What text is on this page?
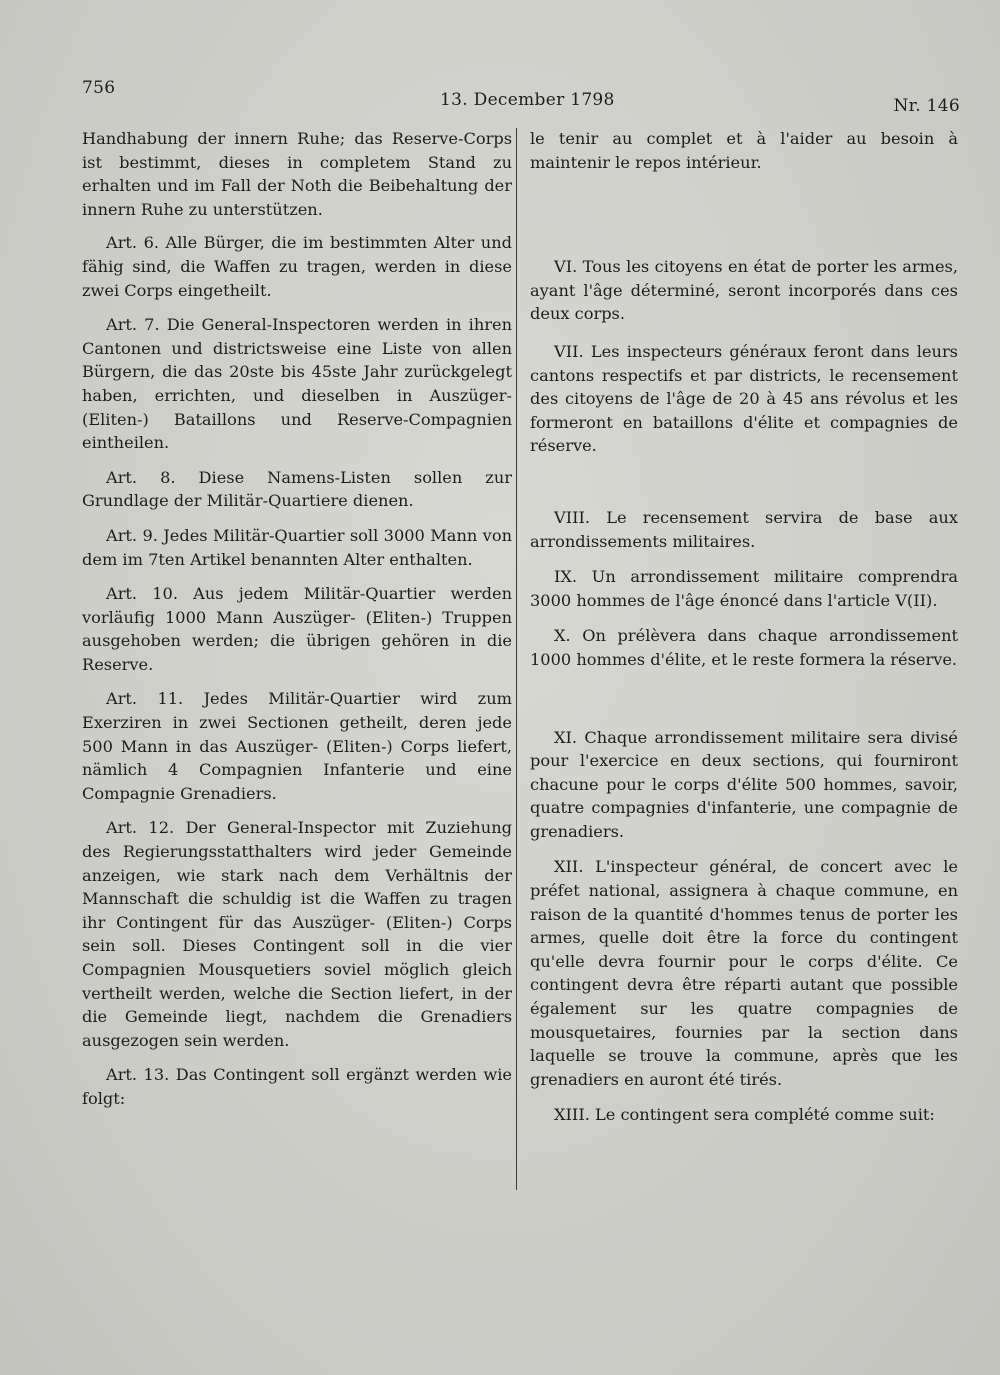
756
13. December 1798	Nr. 146

Handhabung der innern Ruhe; das Reserve-Corps ist bestimmt, dieses in completem Stand zu erhalten und im Fall der Noth die Beibehaltung der innern Ruhe zu unterstützen.

Art. 6. Alle Bürger, die im bestimmten Alter und fähig sind, die Waffen zu tragen, werden in diese zwei Corps eingetheilt.

Art. 7. Die General-Inspectoren werden in ihren Cantonen und districtsweise eine Liste von allen Bürgern, die das 20ste bis 45ste Jahr zurückgelegt haben, errichten, und dieselben in Auszüger- (Eliten-) Bataillons und Reserve-Compagnien eintheilen.

Art. 8. Diese Namens-Listen sollen zur Grundlage der Militär-Quartiere dienen.

Art. 9. Jedes Militär-Quartier soll 3000 Mann von dem im 7ten Artikel benannten Alter enthalten.

Art. 10. Aus jedem Militär-Quartier werden vorläufig 1000 Mann Auszüger- (Eliten-) Truppen ausgehoben werden; die übrigen gehören in die Reserve.

Art. 11. Jedes Militär-Quartier wird zum Exerziren in zwei Sectionen getheilt, deren jede 500 Mann in das Auszüger- (Eliten-) Corps liefert, nämlich 4 Compagnien Infanterie und eine Compagnie Grenadiers.

Art. 12. Der General-Inspector mit Zuziehung des Regierungsstatthalters wird jeder Gemeinde anzeigen, wie stark nach dem Verhältnis der Mannschaft die schuldig ist die Waffen zu tragen ihr Contingent für das Auszüger- (Eliten-) Corps sein soll. Dieses Contingent soll in die vier Compagnien Mousquetiers soviel möglich gleich vertheilt werden, welche die Section liefert, in der die Gemeinde liegt, nachdem die Grenadiers ausgezogen sein werden.

Art. 13. Das Contingent soll ergänzt werden wie folgt:

le tenir au complet et à l'aider au besoin à maintenir le repos intérieur.

VI. Tous les citoyens en état de porter les armes, ayant l'âge déterminé, seront incorporés dans ces deux corps.

VII. Les inspecteurs généraux feront dans leurs cantons respectifs et par districts, le recensement des citoyens de l'âge de 20 à 45 ans révolus et les formeront en bataillons d'élite et compagnies de réserve.

VIII. Le recensement servira de base aux arrondissements militaires.

IX. Un arrondissement militaire comprendra 3000 hommes de l'âge énoncé dans l'article V(II).

X. On prélèvera dans chaque arrondissement 1000 hommes d'élite, et le reste formera la réserve.

XI. Chaque arrondissement militaire sera divisé pour l'exercice en deux sections, qui fourniront chacune pour le corps d'élite 500 hommes, savoir, quatre compagnies d'infanterie, une compagnie de grenadiers.

XII. L'inspecteur général, de concert avec le préfet national, assignera à chaque commune, en raison de la quantité d'hommes tenus de porter les armes, quelle doit être la force du contingent qu'elle devra fournir pour le corps d'élite. Ce contingent devra être réparti autant que possible également sur les quatre compagnies de mousquetaires, fournies par la section dans laquelle se trouve la commune, après que les grenadiers en auront été tirés.

XIII. Le contingent sera complété comme suit:
